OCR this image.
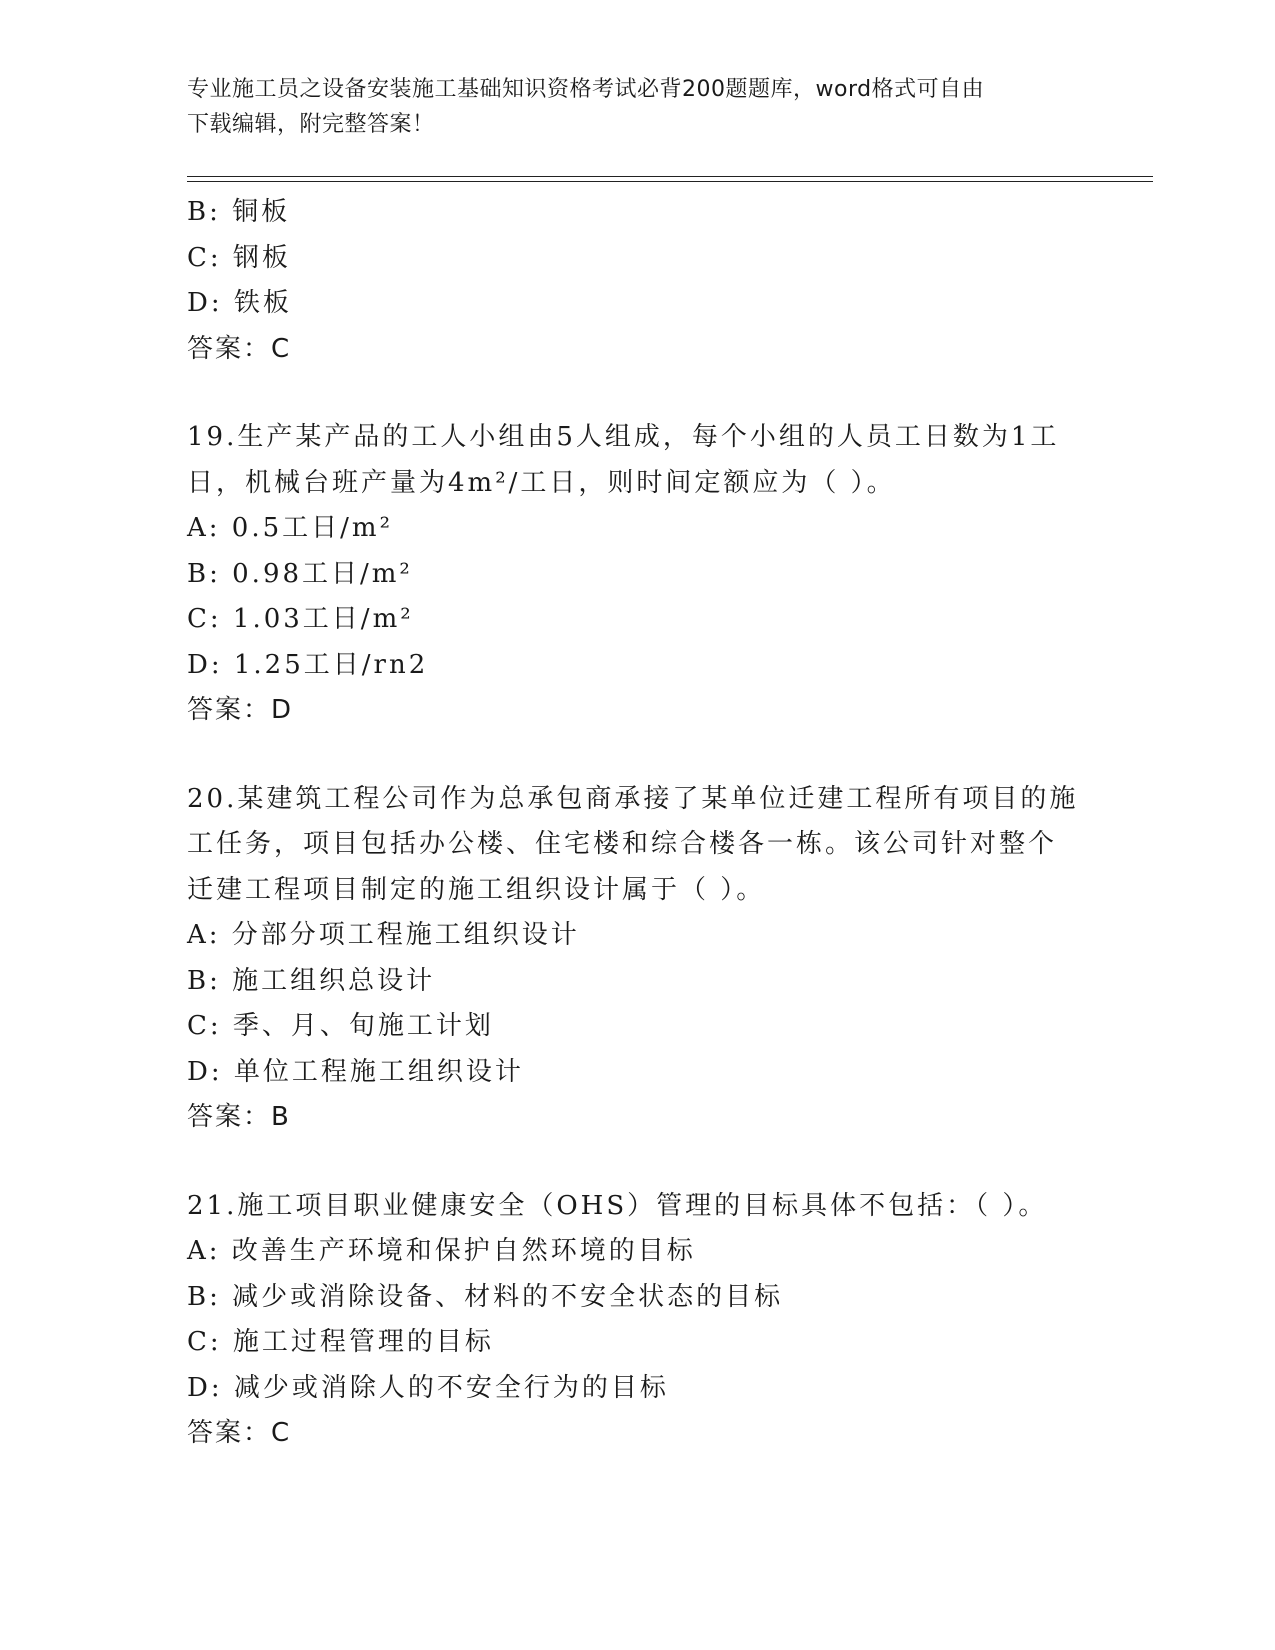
专业施工员之设备安装施工基础知识资格考试必背200题题库，word格式可自由
下载编辑，附完整答案！
B: 铜板
C: 钢板
D: 铁板
答案：C
19.生产某产品的工人小组由5人组成，每个小组的人员工日数为1工
日，机械台班产量为4m²/工日，则时间定额应为（ ）。
A: 0.5工日/m²
B: 0.98工日/m²
C: 1.03工日/m²
D: 1.25工日/rn2
答案：D
20.某建筑工程公司作为总承包商承接了某单位迁建工程所有项目的施
工任务，项目包括办公楼、住宅楼和综合楼各一栋。该公司针对整个
迁建工程项目制定的施工组织设计属于（ ）。
A: 分部分项工程施工组织设计
B: 施工组织总设计
C: 季、月、旬施工计划
D: 单位工程施工组织设计
答案：B
21.施工项目职业健康安全（OHS）管理的目标具体不包括：（ ）。
A: 改善生产环境和保护自然环境的目标
B: 减少或消除设备、材料的不安全状态的目标
C: 施工过程管理的目标
D: 减少或消除人的不安全行为的目标
答案：C
